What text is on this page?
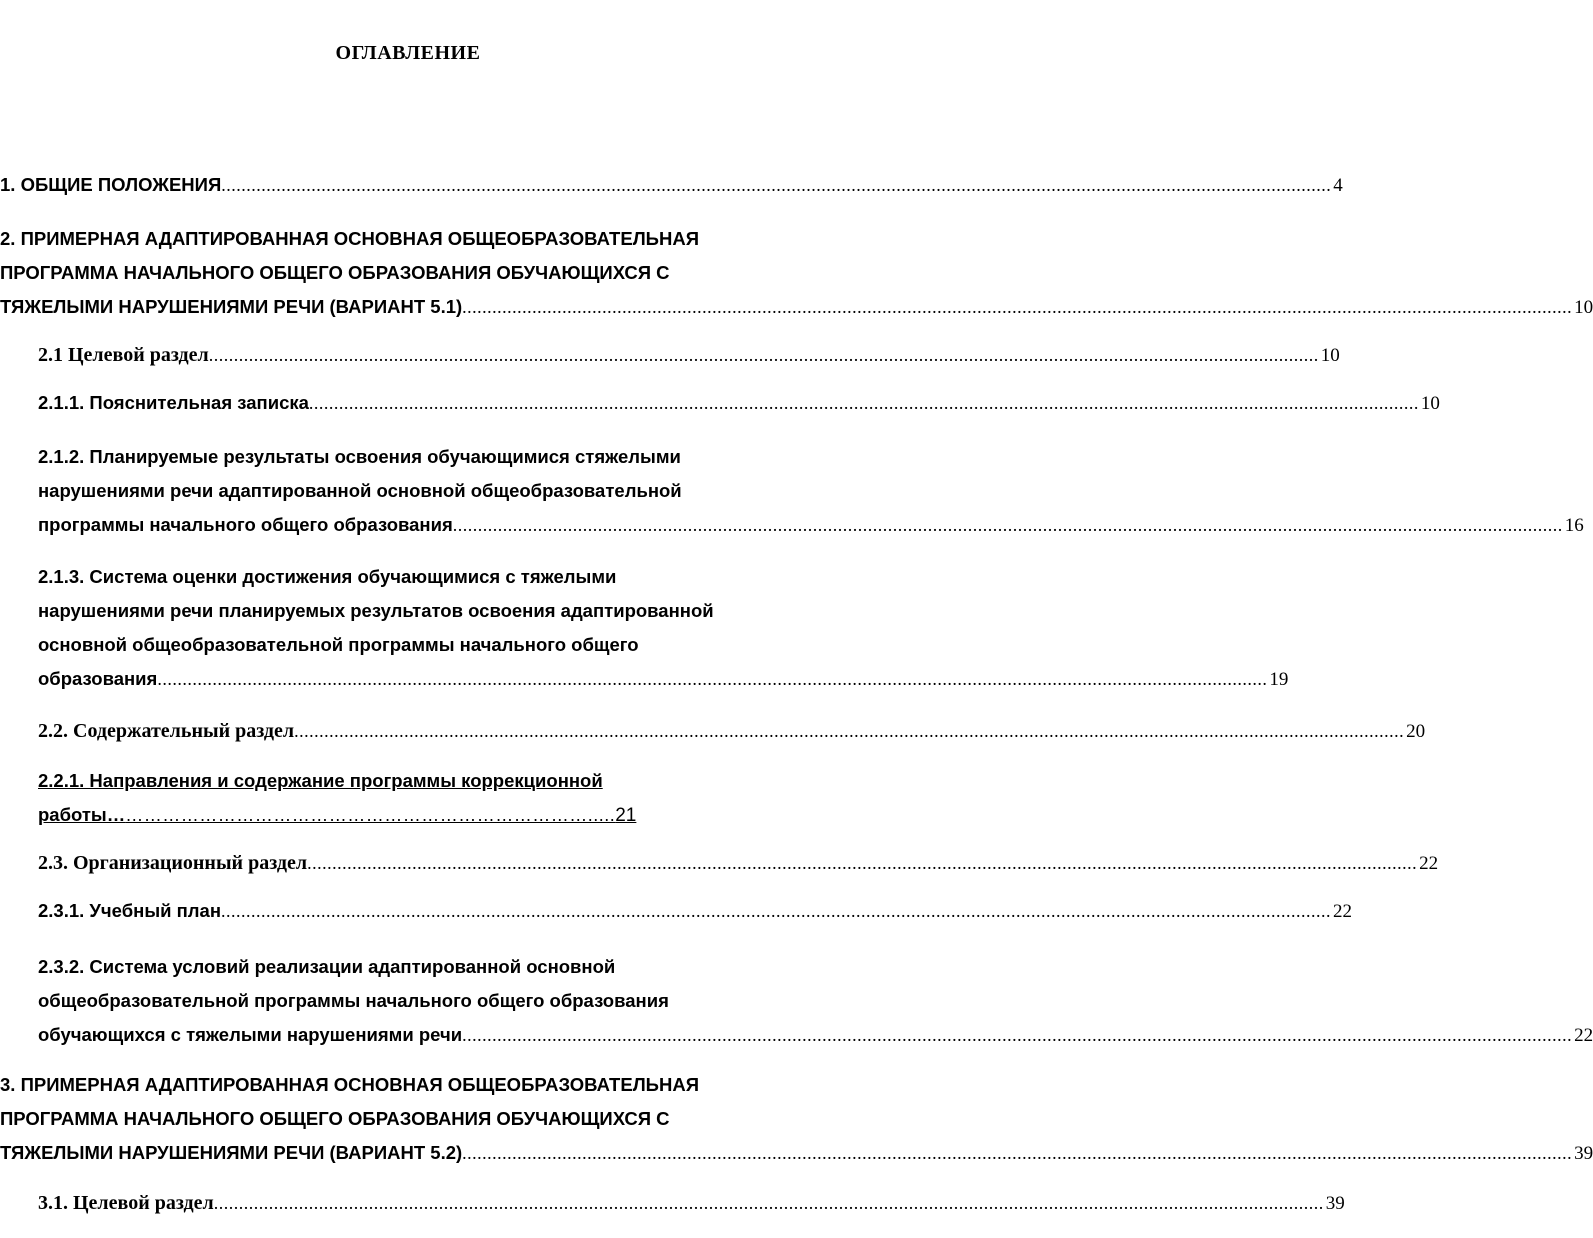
ОГЛАВЛЕНИЕ
1. ОБЩИЕ ПОЛОЖЕНИЯ .............................................................................................................................................................................................................................. 4
2. ПРИМЕРНАЯ АДАПТИРОВАННАЯ ОСНОВНАЯ ОБЩЕОБРАЗОВАТЕЛЬНАЯ
ПРОГРАММА НАЧАЛЬНОГО ОБЩЕГО ОБРАЗОВАНИЯ ОБУЧАЮЩИХСЯ С
ТЯЖЕЛЫМИ НАРУШЕНИЯМИ РЕЧИ (ВАРИАНТ 5.1) .............................................................................................................................................................................................................................. 10
2.1 Целевой раздел .............................................................................................................................................................................................................................. 10
2.1.1. Пояснительная записка .............................................................................................................................................................................................................................. 10
2.1.2. Планируемые результаты освоения обучающимися стяжелыми
нарушениями речи адаптированной основной общеобразовательной
программы начального общего образования .............................................................................................................................................................................................................................. 16
2.1.3. Система оценки достижения обучающимися с тяжелыми
нарушениями речи планируемых результатов освоения адаптированной
основной общеобразовательной программы начального общего
образования .............................................................................................................................................................................................................................. 19
2.2. Содержательный раздел .............................................................................................................................................................................................................................. 20
2.2.1. Направления и содержание программы коррекционной
работы… …………………………………………………………………..... 21
2.3. Организационный раздел .............................................................................................................................................................................................................................. 22
2.3.1. Учебный план .............................................................................................................................................................................................................................. 22
2.3.2. Система условий реализации адаптированной основной
общеобразовательной программы начального общего образования
обучающихся с тяжелыми нарушениями речи .............................................................................................................................................................................................................................. 22
3. ПРИМЕРНАЯ АДАПТИРОВАННАЯ ОСНОВНАЯ ОБЩЕОБРАЗОВАТЕЛЬНАЯ
ПРОГРАММА НАЧАЛЬНОГО ОБЩЕГО ОБРАЗОВАНИЯ ОБУЧАЮЩИХСЯ С
ТЯЖЕЛЫМИ НАРУШЕНИЯМИ РЕЧИ (ВАРИАНТ 5.2) .............................................................................................................................................................................................................................. 39
3.1. Целевой раздел .............................................................................................................................................................................................................................. 39
